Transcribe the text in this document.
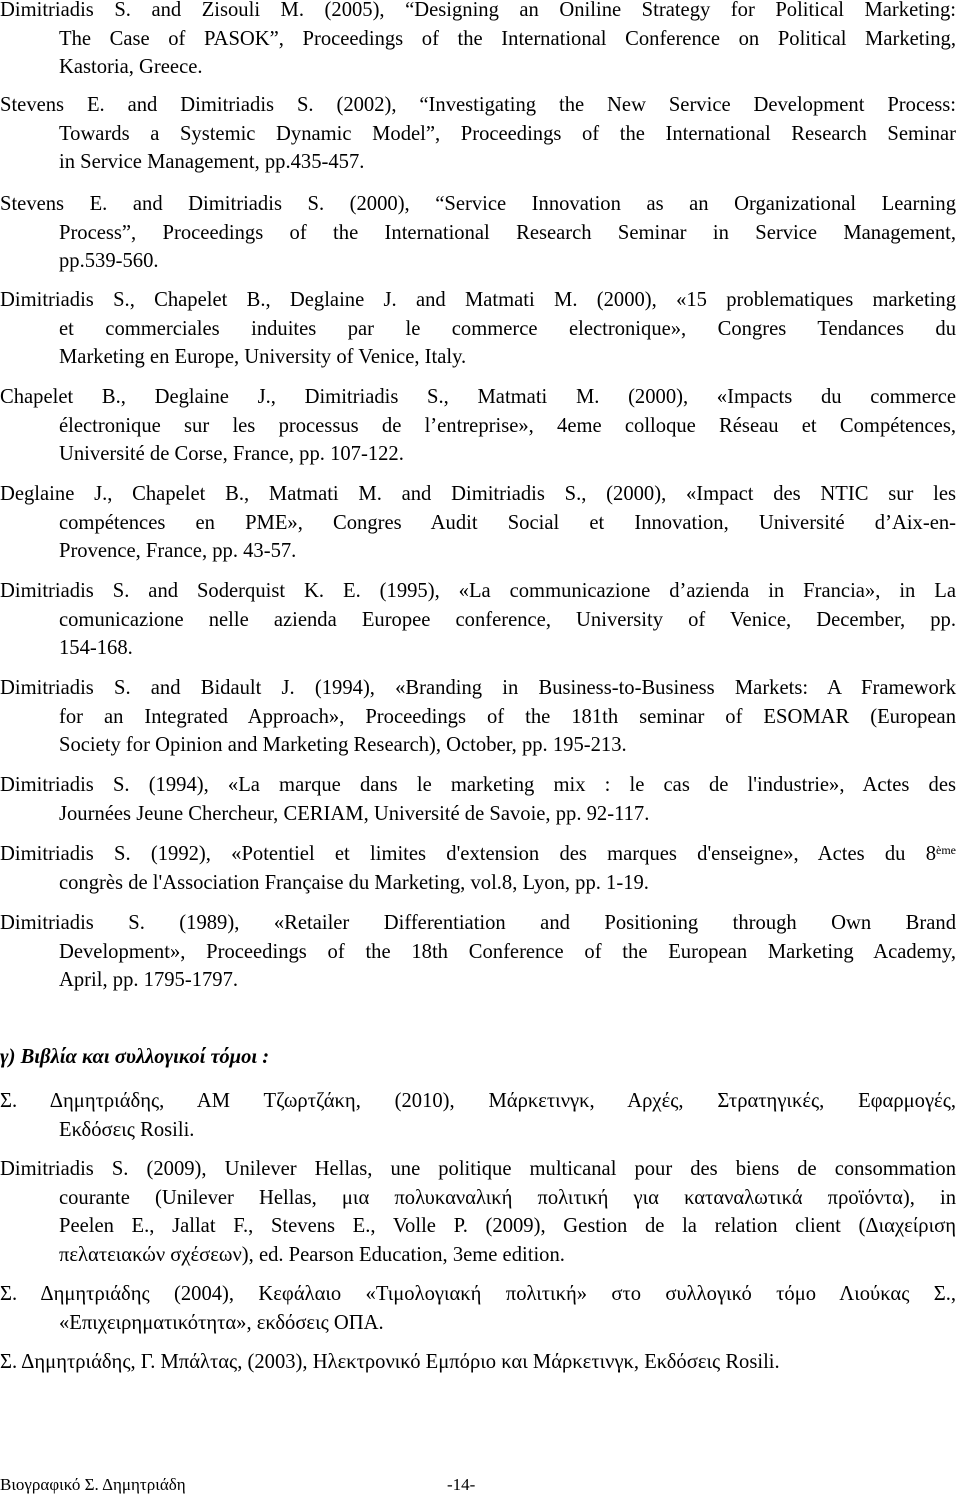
Dimitriadis S. and Zisouli M. (2005), “Designing an Oniline Strategy for Political Marketing:
The Case of PASOK”, Proceedings of the International Conference on Political Marketing,
Kastoria, Greece.
Stevens E. and Dimitriadis S. (2002), “Investigating the New Service Development Process:
Towards a Systemic Dynamic Model”, Proceedings of the International Research Seminar
in Service Management, pp.435-457.
Stevens E. and Dimitriadis S. (2000), “Service Innovation as an Organizational Learning
Process”, Proceedings of the International Research Seminar in Service Management,
pp.539-560.
Dimitriadis S., Chapelet B., Deglaine J. and Matmati M. (2000), «15 problematiques marketing
et commerciales induites par le commerce electronique», Congres Tendances du
Marketing en Europe, University of Venice, Italy.
Chapelet B., Deglaine J., Dimitriadis S., Matmati M. (2000), «Impacts du commerce
électronique sur les processus de l’entreprise», 4eme colloque Réseau et Compétences,
Université de Corse, France, pp. 107-122.
Deglaine J., Chapelet B., Matmati M. and Dimitriadis S., (2000), «Impact des NTIC sur les
compétences en PME», Congres Audit Social et Innovation, Université d’Aix-en-
Provence, France, pp. 43-57.
Dimitriadis S. and Soderquist K. E. (1995), «La communicazione d’azienda in Francia», in La
comunicazione nelle azienda Europee conference, University of Venice, December, pp.
154-168.
Dimitriadis S. and Bidault J. (1994), «Branding in Business-to-Business Markets: A Framework
for an Integrated Approach», Proceedings of the 181th seminar of ESOMAR (European
Society for Opinion and Marketing Research), October, pp. 195-213.
Dimitriadis S. (1994), «La marque dans le marketing mix : le cas de l'industrie», Actes des
Journées Jeune Chercheur, CERIAM, Université de Savoie, pp. 92-117.
Dimitriadis S. (1992), «Potentiel et limites d'extension des marques d'enseigne», Actes du 8ème
congrès de l'Association Française du Marketing, vol.8, Lyon, pp. 1-19.
Dimitriadis S. (1989), «Retailer Differentiation and Positioning through Own Brand
Development», Proceedings of the 18th Conference of the European Marketing Academy,
April, pp. 1795-1797.
γ) Βιβλία και συλλογικοί τόμοι :
Σ. Δημητριάδης, ΑΜ Τζωρτζάκη, (2010), Μάρκετινγκ, Αρχές, Στρατηγικές, Εφαρμογές,
Εκδόσεις Rosili.
Dimitriadis S. (2009), Unilever Hellas, une politique multicanal pour des biens de consommation
courante (Unilever Hellas, μια πολυκαναλική πολιτική για καταναλωτικά προϊόντα), in
Peelen E., Jallat F., Stevens E., Volle P. (2009), Gestion de la relation client (Διαχείριση
πελατειακών σχέσεων), ed. Pearson Education, 3eme edition.
Σ. Δημητριάδης (2004), Κεφάλαιο «Τιμολογιακή πολιτική» στο συλλογικό τόμο Λιούκας Σ.,
«Επιχειρηματικότητα», εκδόσεις ΟΠΑ.
Σ. Δημητριάδης, Γ. Μπάλτας, (2003), Ηλεκτρονικό Εμπόριο και Μάρκετινγκ, Εκδόσεις Rosili.
Βιογραφικό Σ. Δημητριάδη	-14-
